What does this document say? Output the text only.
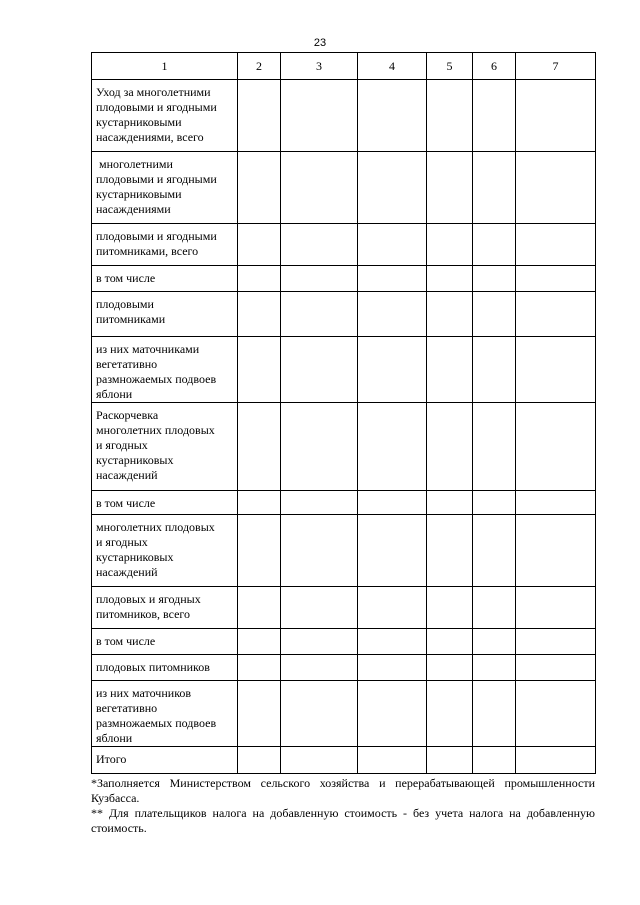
23
1	2	3	4	5	6	7

Уход за многолетними
плодовыми и ягодными
кустарниковыми
насаждениями, всего						

многолетними
плодовыми и ягодными
кустарниковыми
насаждениями						

плодовыми и ягодными
питомниками, всего						

в том числе						

плодовыми
питомниками						

из них маточниками
вегетативно
размножаемых подвоев
яблони						

Раскорчевка
многолетних плодовых
и ягодных
кустарниковых
насаждений						

в том числе						

многолетних плодовых
и ягодных
кустарниковых
насаждений						

плодовых и ягодных
питомников, всего						

в том числе						

плодовых питомников						

из них маточников
вегетативно
размножаемых подвоев
яблони						

Итого						

*Заполняется Министерством сельского хозяйства и перерабатывающей промышленности Кузбасса.

** Для плательщиков налога на добавленную стоимость - без учета налога на добавленную стоимость.
